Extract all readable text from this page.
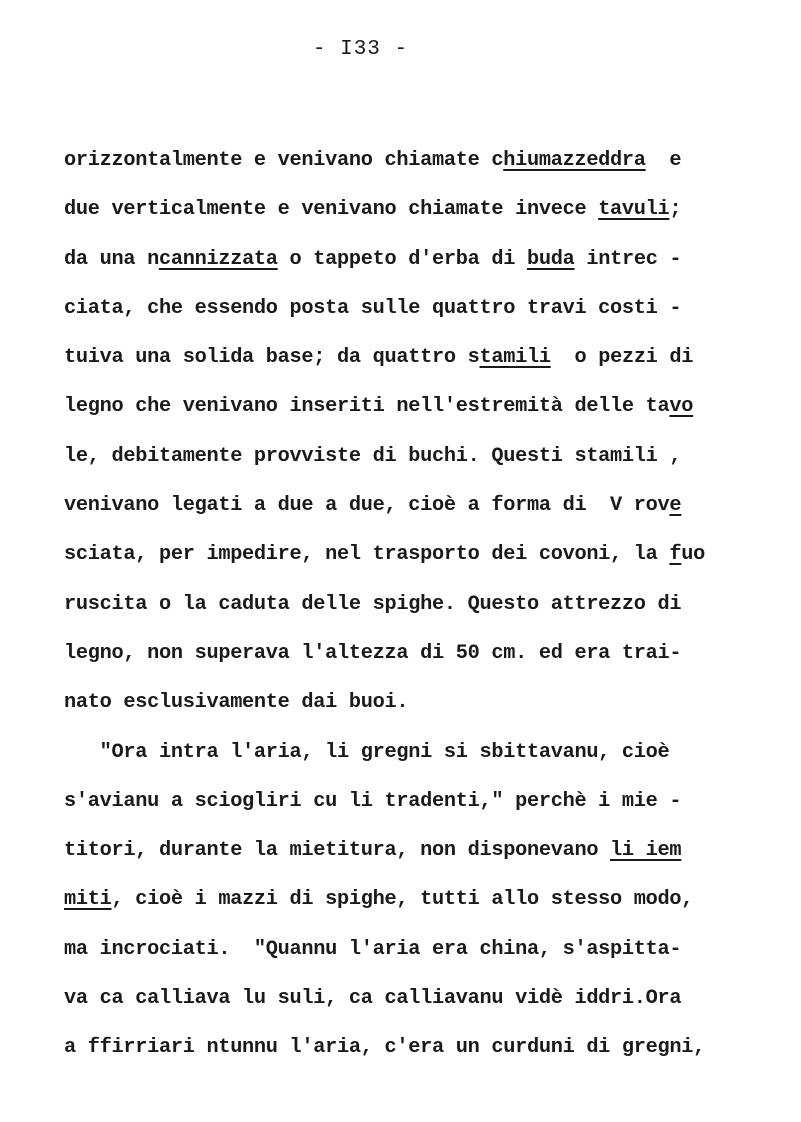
- I33 -
orizzontalmente e venivano chiamate chiumazzeddra  e
due verticalmente e venivano chiamate invece tavuli;
da una ncannizzata o tappeto d'erba di buda intrec -
ciata, che essendo posta sulle quattro travi costi -
tuiva una solida base; da quattro stamili  o pezzi di
legno che venivano inseriti nell'estremità delle tavo
le, debitamente provviste di buchi. Questi stamili ,
venivano legati a due a due, cioè a forma di  V rove
sciata, per impedire, nel trasporto dei covoni, la fuo
ruscita o la caduta delle spighe. Questo attrezzo di
legno, non superava l'altezza di 50 cm. ed era trai-
nato esclusivamente dai buoi.
"Ora intra l'aria, li gregni si sbittavanu, cioè
s'avianu a sciogliri cu li tradenti," perchè i mie -
titori, durante la mietitura, non disponevano li iem
miti, cioè i mazzi di spighe, tutti allo stesso modo,
ma incrociati.  "Quannu l'aria era china, s'aspitta-
va ca calliava lu suli, ca calliavanu vidè iddri.Ora
a ffirriari ntunnu l'aria, c'era un curduni di gregni,
